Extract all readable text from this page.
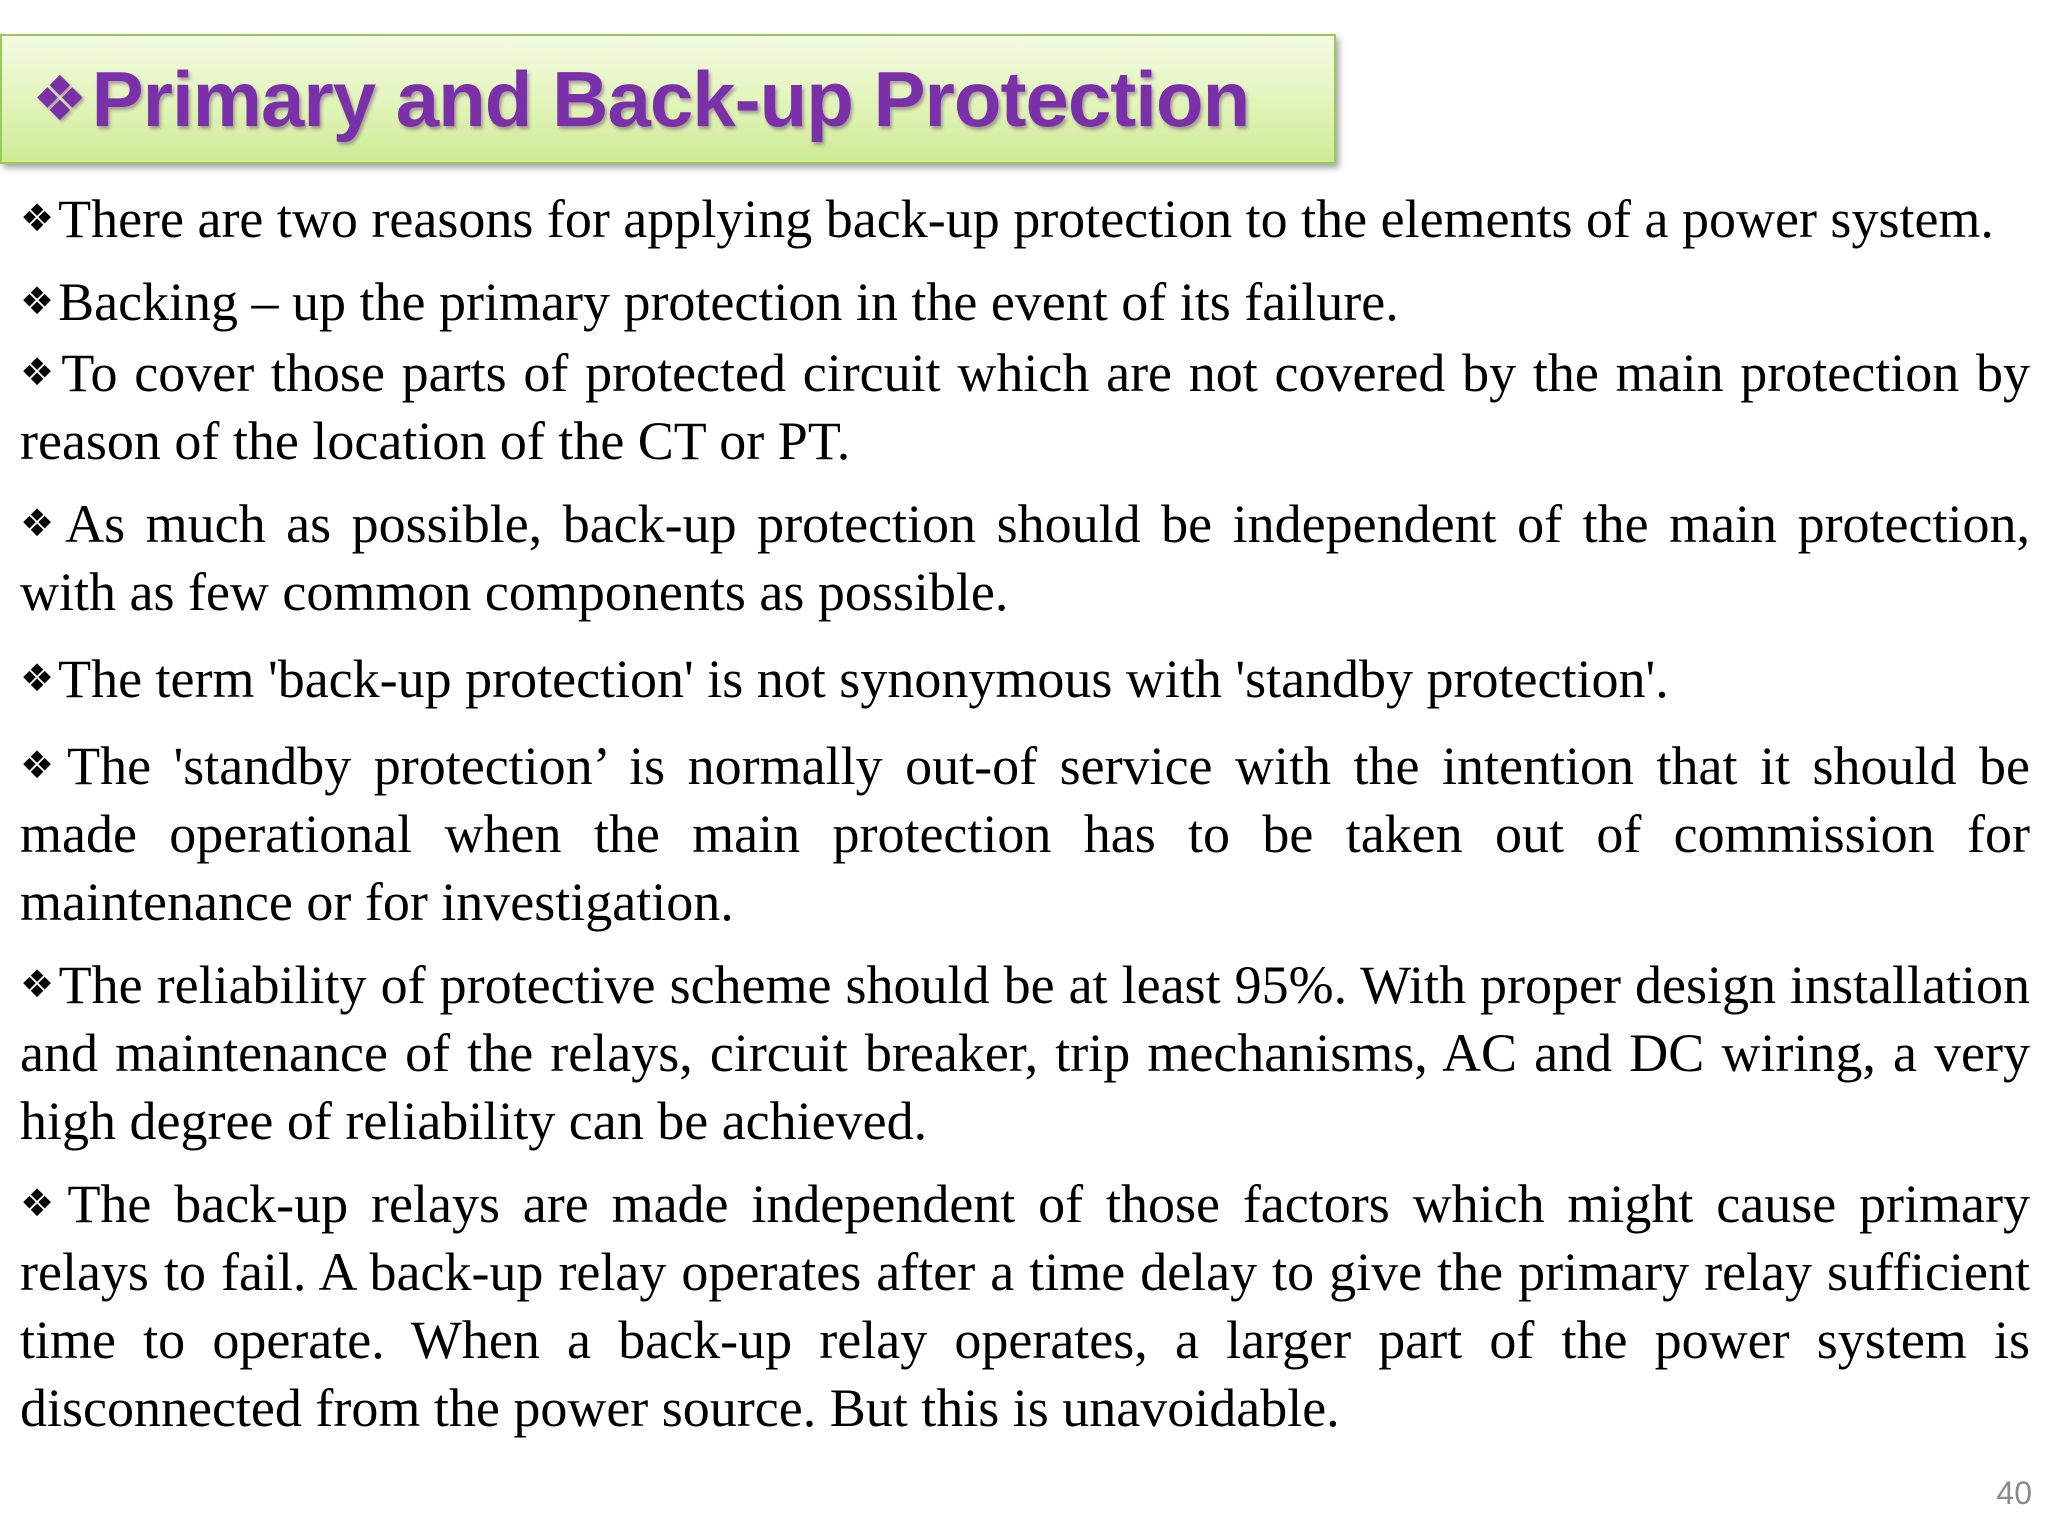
❖ Primary and Back-up Protection

❖There are two reasons for applying back-up protection to the elements of a power system.

❖Backing – up the primary protection in the event of its failure.

❖To cover those parts of protected circuit which are not covered by the main protection by reason of the location of the CT or PT.

❖As much as possible, back-up protection should be independent of the main protection, with as few common components as possible.

❖The term 'back-up protection' is not synonymous with 'standby protection'.

❖The 'standby protection’ is normally out-of service with the intention that it should be made operational when the main protection has to be taken out of commission for maintenance or for investigation.

❖The reliability of protective scheme should be at least 95%. With proper design installation and maintenance of the relays, circuit breaker, trip mechanisms, AC and DC wiring, a very high degree of reliability can be achieved.

❖The back-up relays are made independent of those factors which might cause primary relays to fail. A back-up relay operates after a time delay to give the primary relay sufficient time to operate. When a back-up relay operates, a larger part of the power system is disconnected from the power source. But this is unavoidable.

40
